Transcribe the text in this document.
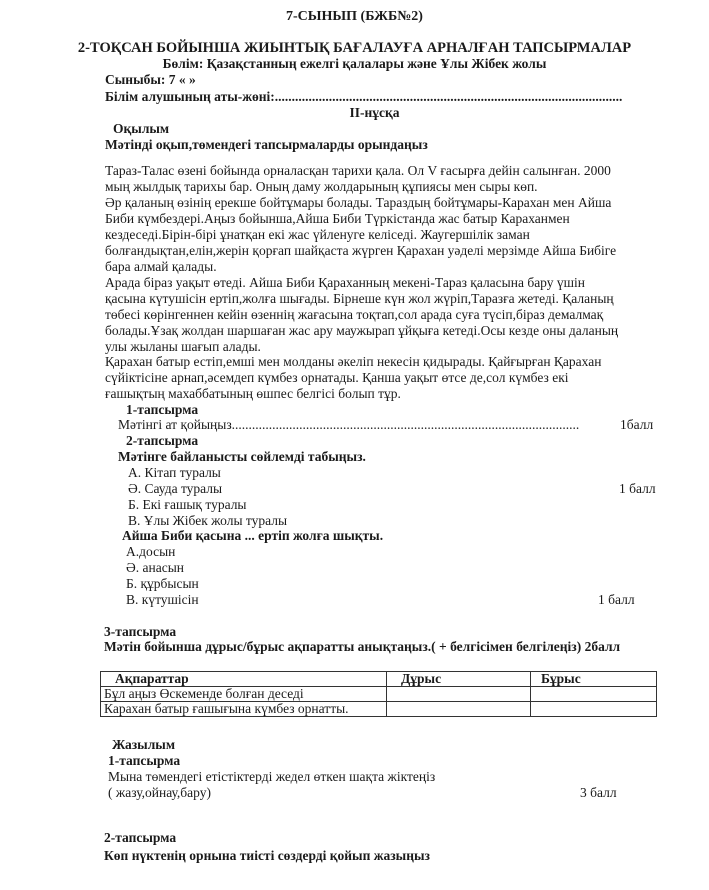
7-СЫНЫП (БЖБ№2)
2-ТОҚСАН БОЙЫНША ЖИЫНТЫҚ БАҒАЛАУҒА АРНАЛҒАН ТАПСЫРМАЛАР
Бөлім: Қазақстанның ежелгі қалалары және Ұлы Жібек жолы
Сыныбы: 7 « »
Білім алушының аты-жөні:.......................................................................................................
II-нұсқа
Оқылым
Мәтінді оқып,төмендегі тапсырмаларды орындаңыз
Тараз-Талас өзені бойында орналасқан тарихи қала. Ол V ғасырға дейін салынған. 2000
мың жылдық тарихы бар. Оның даму жолдарының құпиясы мен сыры көп.
Әр қаланың өзінің ерекше бойтұмары болады. Тараздың бойтұмары-Карахан мен Айша
Биби күмбездері.Аңыз бойынша,Айша Биби Түркістанда жас батыр Караханмен
кездеседі.Бірін-бірі ұнатқан екі жас үйленуге келіседі. Жаугершілік заман
болғандықтан,елін,жерін қорғап шайқаста жүрген Қарахан уәделі мерзімде Айша Бибіге
бара алмай қалады.
Арада біраз уақыт өтеді. Айша Биби Қараханның мекені-Тараз қаласына бару үшін
қасына күтушісін ертіп,жолға шығады. Бірнеше күн жол жүріп,Таразға жетеді. Қаланың
төбесі көрінгеннен кейін өзеннің жағасына тоқтап,сол арада суға түсіп,біраз демалмақ
болады.Ұзақ жолдан шаршаған жас ару маужырап ұйқыға кетеді.Осы кезде оны даланың
улы жыланы шағып алады.
Қарахан батыр естіп,емші мен молданы әкеліп некесін қидырады. Қайғырған Қарахан
сүйіктісіне арнап,әсемдеп күмбез орнатады. Қанша уақыт өтсе де,сол күмбез екі
ғашықтың махаббатының өшпес белгісі болып тұр.
1-тапсырма
Мәтінгі ат қойыңыз.......................................................................................................	1балл
2-тапсырма
Мәтінге байланысты сөйлемді табыңыз.
А. Кітап туралы
Ә. Сауда туралы	1 балл
Б. Екі ғашық туралы
В. Ұлы Жібек жолы туралы
Айша Биби қасына ... ертіп жолға шықты.
А.досын
Ә. анасын
Б. құрбысын
В. күтушісін	1 балл
3-тапсырма
Мәтін бойынша дұрыс/бұрыс ақпаратты анықтаңыз.( + белгісімен белгілеңіз) 2балл
Ақпараттар	Дұрыс	Бұрыс
Бұл аңыз Өскеменде болған деседі		
Карахан батыр ғашығына күмбез орнатты.		
Жазылым
1-тапсырма
Мына төмендегі етістіктерді жедел өткен шақта жіктеңіз
( жазу,ойнау,бару)	3 балл
2-тапсырма
Көп нүктенің орнына тиісті сөздерді қойып жазыңыз
